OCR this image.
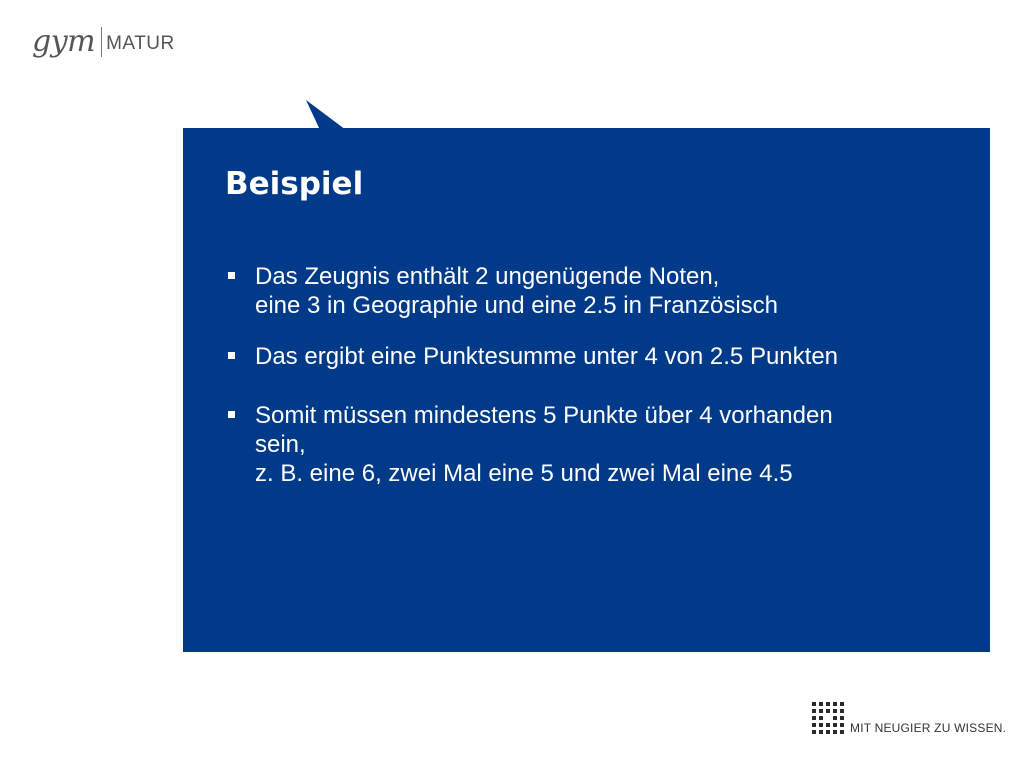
gym MATUR
Beispiel
Das Zeugnis enthält 2 ungenügende Noten,
eine 3 in Geographie und eine 2.5 in Französisch
Das ergibt eine Punktesumme unter 4 von 2.5 Punkten
Somit müssen mindestens 5 Punkte über 4 vorhanden
sein,
z. B. eine 6, zwei Mal eine 5 und zwei Mal eine 4.5
MIT NEUGIER ZU WISSEN.
